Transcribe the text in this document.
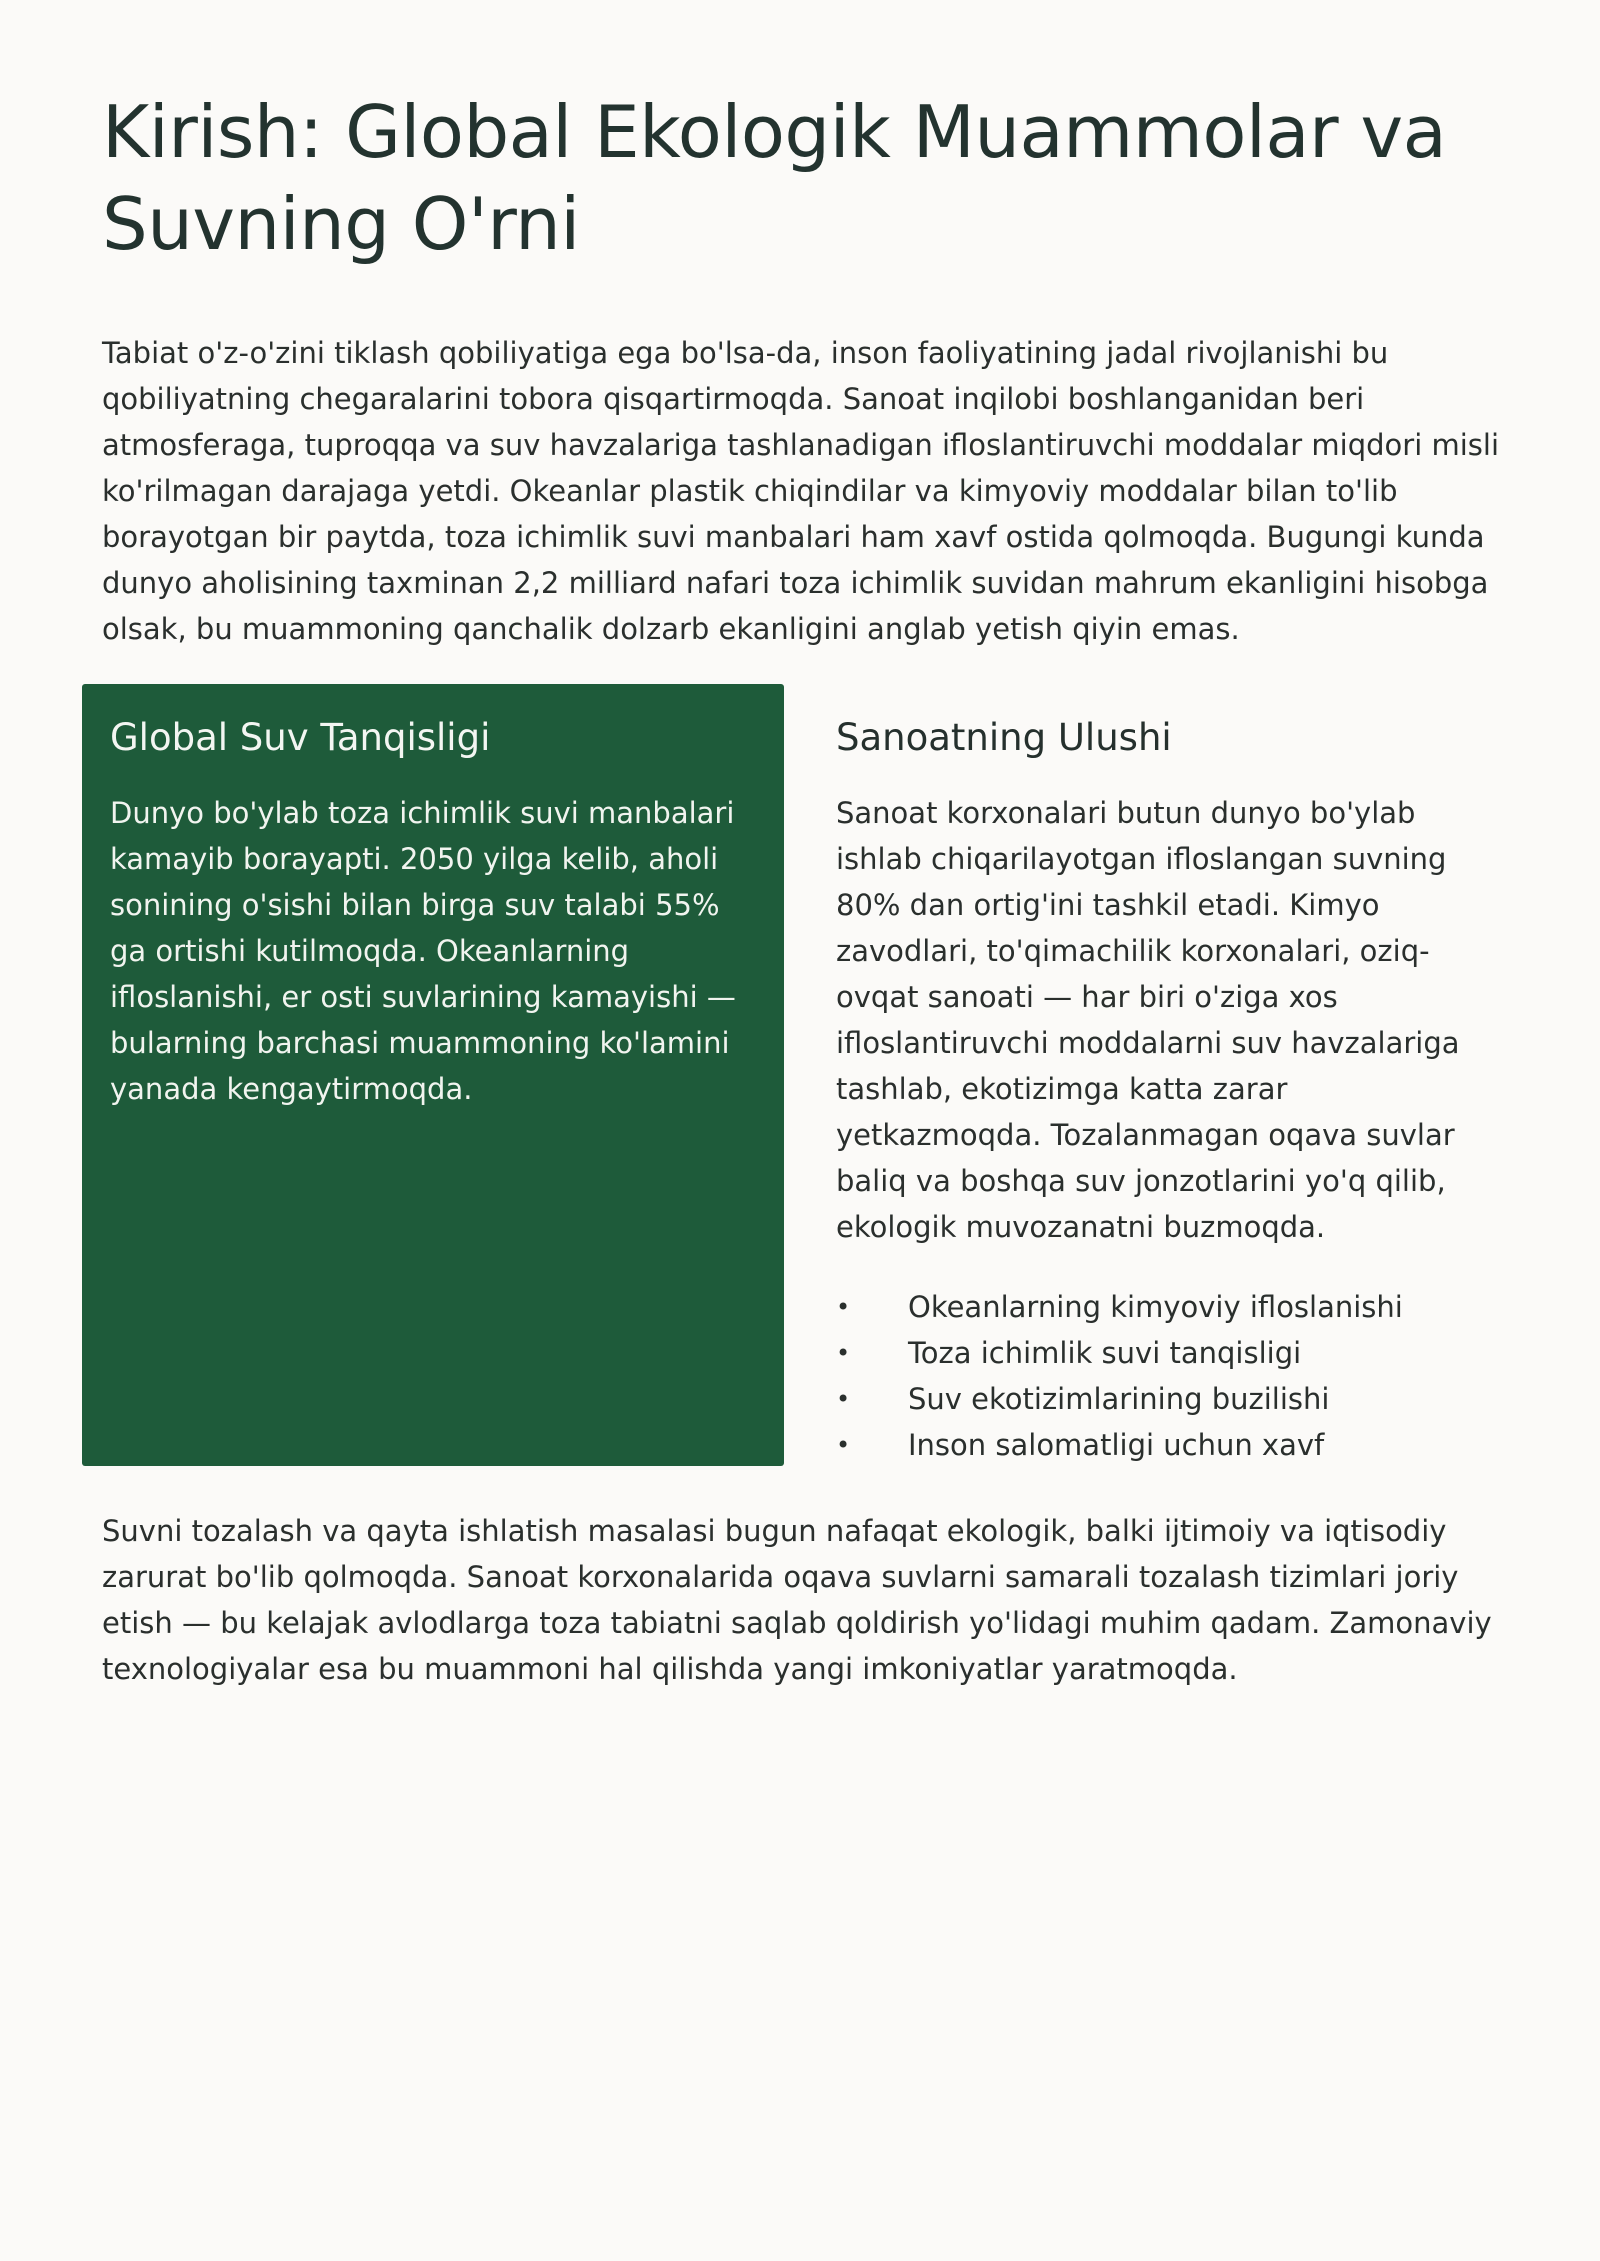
Kirish: Global Ekologik Muammolar va Suvning O'rni

Tabiat o'z-o'zini tiklash qobiliyatiga ega bo'lsa-da, inson faoliyatining jadal rivojlanishi bu qobiliyatning chegaralarini tobora qisqartirmoqda. Sanoat inqilobi boshlanganidan beri atmosferaga, tuproqqa va suv havzalariga tashlanadigan ifloslantiruvchi moddalar miqdori misli ko'rilmagan darajaga yetdi. Okeanlar plastik chiqindilar va kimyoviy moddalar bilan to'lib borayotgan bir paytda, toza ichimlik suvi manbalari ham xavf ostida qolmoqda. Bugungi kunda dunyo aholisining taxminan 2,2 milliard nafari toza ichimlik suvidan mahrum ekanligini hisobga olsak, bu muammoning qanchalik dolzarb ekanligini anglab yetish qiyin emas.

Global Suv Tanqisligi

Dunyo bo'ylab toza ichimlik suvi manbalari kamayib borayapti. 2050 yilga kelib, aholi sonining o'sishi bilan birga suv talabi 55% ga ortishi kutilmoqda. Okeanlarning ifloslanishi, er osti suvlarining kamayishi — bularning barchasi muammoning ko'lamini yanada kengaytirmoqda.

Sanoatning Ulushi

Sanoat korxonalari butun dunyo bo'ylab ishlab chiqarilayotgan ifloslangan suvning 80% dan ortig'ini tashkil etadi. Kimyo zavodlari, to'qimachilik korxonalari, oziq-ovqat sanoati — har biri o'ziga xos ifloslantiruvchi moddalarni suv havzalariga tashlab, ekotizimga katta zarar yetkazmoqda. Tozalanmagan oqava suvlar baliq va boshqa suv jonzotlarini yo'q qilib, ekologik muvozanatni buzmoqda.

• Okeanlarning kimyoviy ifloslanishi
• Toza ichimlik suvi tanqisligi
• Suv ekotizimlarining buzilishi
• Inson salomatligi uchun xavf

Suvni tozalash va qayta ishlatish masalasi bugun nafaqat ekologik, balki ijtimoiy va iqtisodiy zarurat bo'lib qolmoqda. Sanoat korxonalarida oqava suvlarni samarali tozalash tizimlari joriy etish — bu kelajak avlodlarga toza tabiatni saqlab qoldirish yo'lidagi muhim qadam. Zamonaviy texnologiyalar esa bu muammoni hal qilishda yangi imkoniyatlar yaratmoqda.
